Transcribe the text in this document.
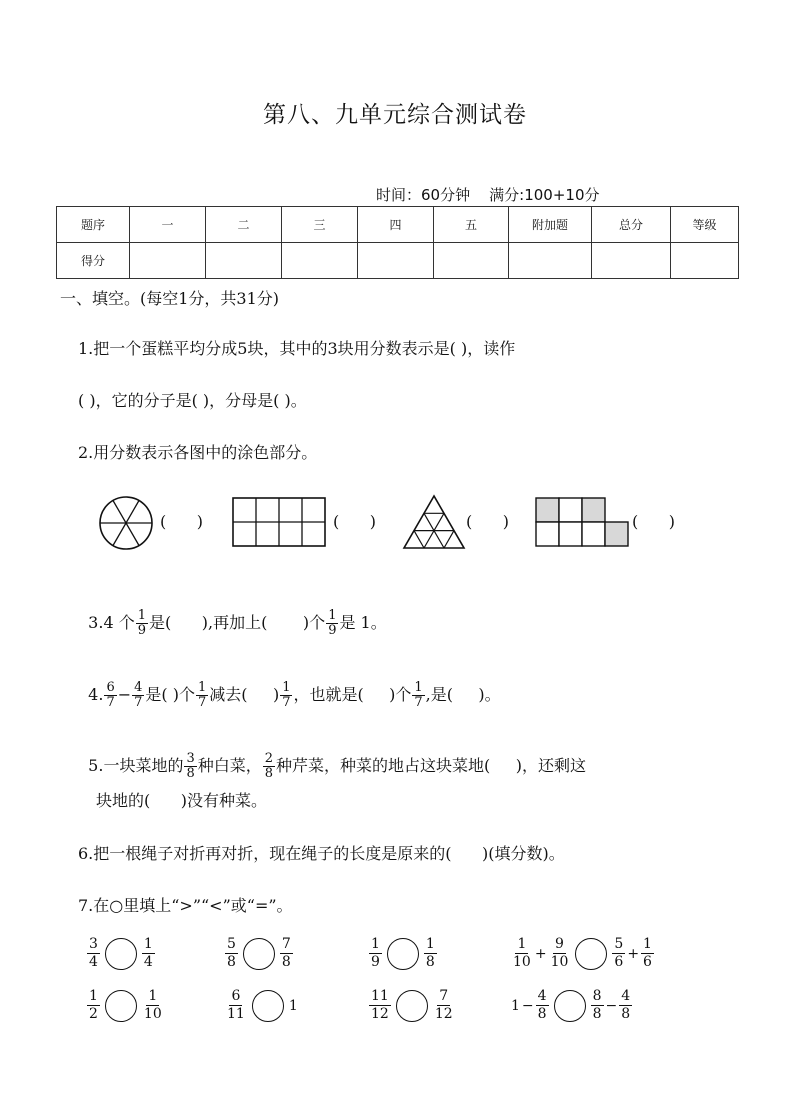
第八、九单元综合测试卷
时间：60分钟    满分:100+10分
题序	一	二	三	四	五	附加题	总分	等级
得分								
一、填空。(每空1分，共31分)
1.把一个蛋糕平均分成5块，其中的3块用分数表示是( )，读作
( )，它的分子是( )，分母是( )。
2.用分数表示各图中的涂色部分。
(      )	(      )	(      )	(      )

3.4 个 $\frac{1}{9}$ 是(      ),再加上(       )个 $\frac{1}{9}$ 是 1。

4. $\frac{6}{7} - \frac{4}{7}$ 是( )个 $\frac{1}{7}$ 减去(     ) $\frac{1}{7}$ ，也就是(     )个 $\frac{1}{7}$ ,是(     )。

5.一块菜地的 $\frac{3}{8}$ 种白菜， $\frac{2}{8}$ 种芹菜，种菜的地占这块菜地(     )，还剩这

块地的(      )没有种菜。
6.把一根绳子对折再对折，现在绳子的长度是原来的(      )(填分数)。
7.在○里填上“>”“<”或“=”。
$\frac{3}{4}$	$\frac{1}{4}$	$\frac{5}{8}$	$\frac{7}{8}$	$\frac{1}{9}$	$\frac{1}{8}$	$\frac{1}{10} + \frac{9}{10}$	$\frac{5}{6} + \frac{1}{6}$
$\frac{1}{2}$	$\frac{1}{10}$	$\frac{6}{11}$	1	$\frac{11}{12}$	$\frac{7}{12}$	$1 - \frac{4}{8}$	$\frac{8}{8} - \frac{4}{8}$
